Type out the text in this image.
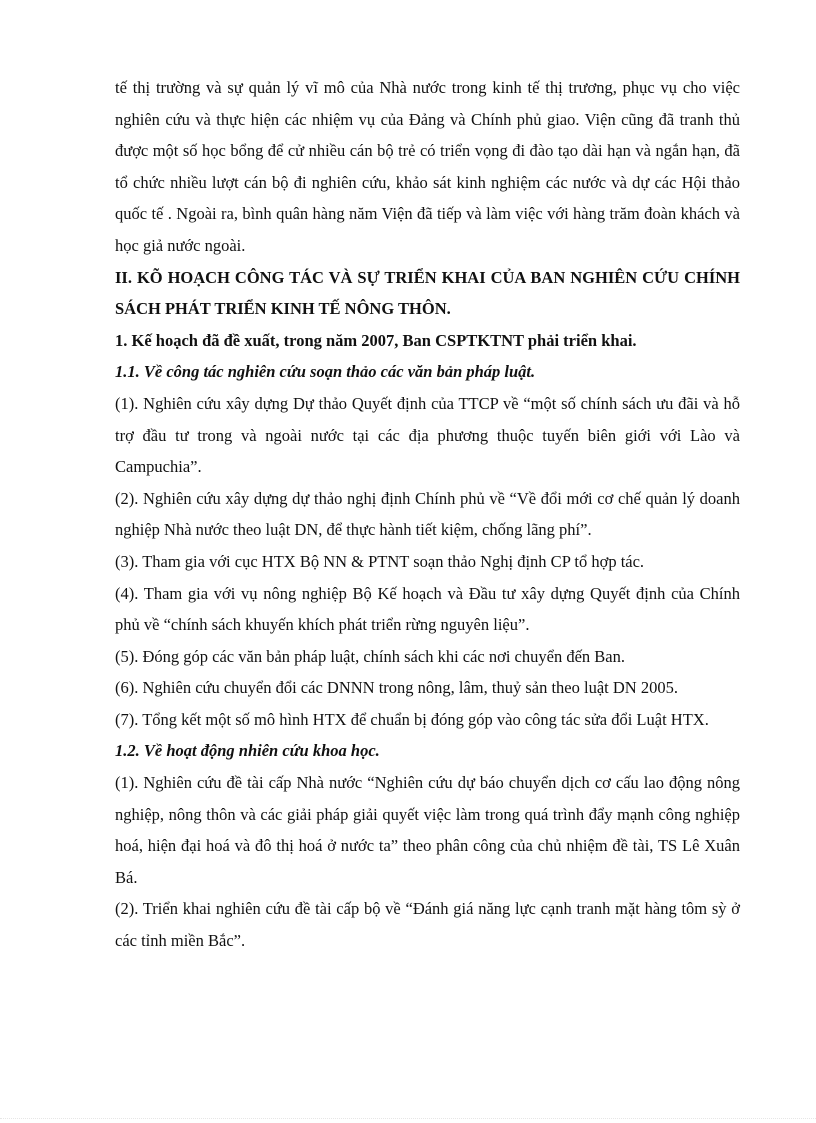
tế thị trường và sự quản lý vĩ mô của Nhà nước trong kinh tế thị trương, phục vụ cho việc nghiên cứu và thực hiện các nhiệm vụ của Đảng và Chính phủ giao. Viện cũng đã tranh thủ được một số học bổng để cử nhiều cán bộ trẻ có triển vọng đi đào tạo dài hạn và ngắn hạn, đã tổ chức nhiều lượt cán bộ đi nghiên cứu, khảo sát kinh nghiệm các nước và dự các Hội thảo quốc tế . Ngoài ra, bình quân hàng năm Viện đã tiếp và làm việc với hàng trăm đoàn khách và học giả nước ngoài.

II. KÕ HOẠCH CÔNG TÁC VÀ SỰ TRIỂN KHAI CỦA BAN NGHIÊN CỨU CHÍNH SÁCH PHÁT TRIỂN KINH TẾ NÔNG THÔN.

1. Kế hoạch đã đề xuất, trong năm 2007, Ban CSPTKTNT phải triển khai.

1.1. Về công tác nghiên cứu soạn thảo các văn bản pháp luật.

(1). Nghiên cứu xây dựng Dự thảo Quyết định của TTCP về “một số chính sách ưu đãi và hỗ trợ đầu tư trong và ngoài nước tại các địa phương thuộc tuyến biên giới với Lào và Campuchia”.

(2). Nghiên cứu xây dựng dự thảo nghị định Chính phủ về “Về đổi mới cơ chế quản lý doanh nghiệp Nhà nước theo luật DN, để thực hành tiết kiệm, chống lãng phí”.

(3). Tham gia với cục HTX Bộ NN & PTNT soạn thảo Nghị định CP tổ hợp tác.

(4). Tham gia với vụ nông nghiệp Bộ Kế hoạch và Đầu tư xây dựng Quyết định của Chính phủ về “chính sách khuyến khích phát triển rừng nguyên liệu”.

(5). Đóng góp các văn bản pháp luật, chính sách khi các nơi chuyển đến Ban.

(6). Nghiên cứu chuyển đổi các DNNN trong nông, lâm, thuỷ sản theo luật DN 2005.

(7). Tổng kết một số mô hình HTX để chuẩn bị đóng góp vào công tác sửa đổi Luật HTX.

1.2. Về hoạt động nhiên cứu khoa học.

(1). Nghiên cứu đề tài cấp Nhà nước “Nghiên cứu dự báo chuyển dịch cơ cấu lao động nông nghiệp, nông thôn và các giải pháp giải quyết việc làm trong quá trình đẩy mạnh công nghiệp hoá, hiện đại hoá và đô thị hoá ở nước ta” theo phân công của chủ nhiệm đề tài, TS Lê Xuân Bá.

(2). Triển khai nghiên cứu đề tài cấp bộ về “Đánh giá năng lực cạnh tranh mặt hàng tôm sỳ ở các tỉnh miền Bắc”.
